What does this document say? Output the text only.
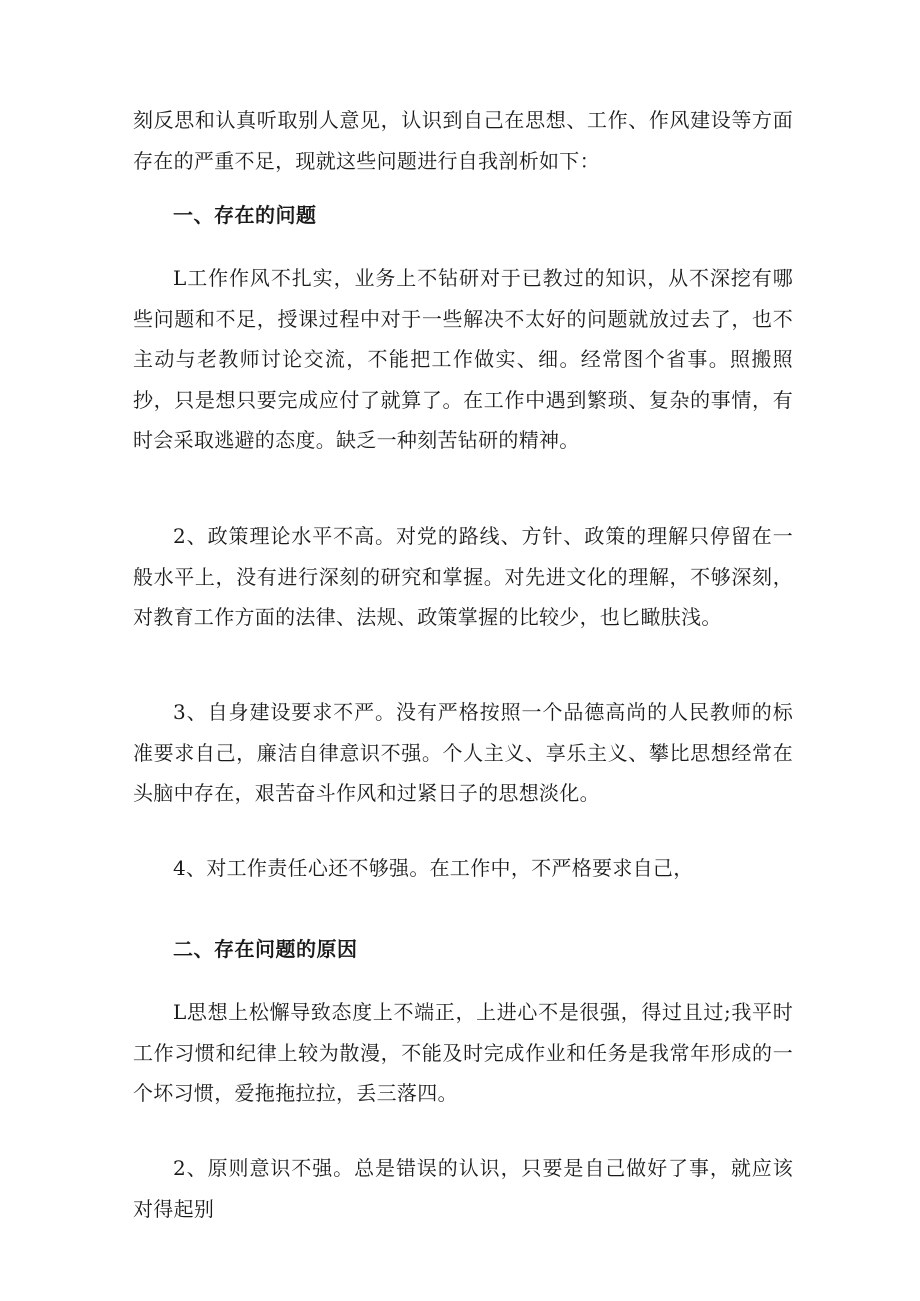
刻反思和认真听取别人意见，认识到自己在思想、工作、作风建设等方面存在的严重不足，现就这些问题进行自我剖析如下：

一、存在的问题

L工作作风不扎实，业务上不钻研对于已教过的知识，从不深挖有哪些问题和不足，授课过程中对于一些解决不太好的问题就放过去了，也不主动与老教师讨论交流，不能把工作做实、细。经常图个省事。照搬照抄，只是想只要完成应付了就算了。在工作中遇到繁琐、复杂的事情，有时会采取逃避的态度。缺乏一种刻苦钻研的精神。

2、政策理论水平不高。对党的路线、方针、政策的理解只停留在一般水平上，没有进行深刻的研究和掌握。对先进文化的理解，不够深刻，对教育工作方面的法律、法规、政策掌握的比较少，也匕瞰肤浅。

3、自身建设要求不严。没有严格按照一个品德高尚的人民教师的标准要求自己，廉洁自律意识不强。个人主义、享乐主义、攀比思想经常在头脑中存在，艰苦奋斗作风和过紧日子的思想淡化。

4、对工作责任心还不够强。在工作中，不严格要求自己，

二、存在问题的原因

L思想上松懈导致态度上不端正，上进心不是很强，得过且过;我平时工作习惯和纪律上较为散漫，不能及时完成作业和任务是我常年形成的一个坏习惯，爱拖拖拉拉，丢三落四。

2、原则意识不强。总是错误的认识，只要是自己做好了事，就应该对得起别
